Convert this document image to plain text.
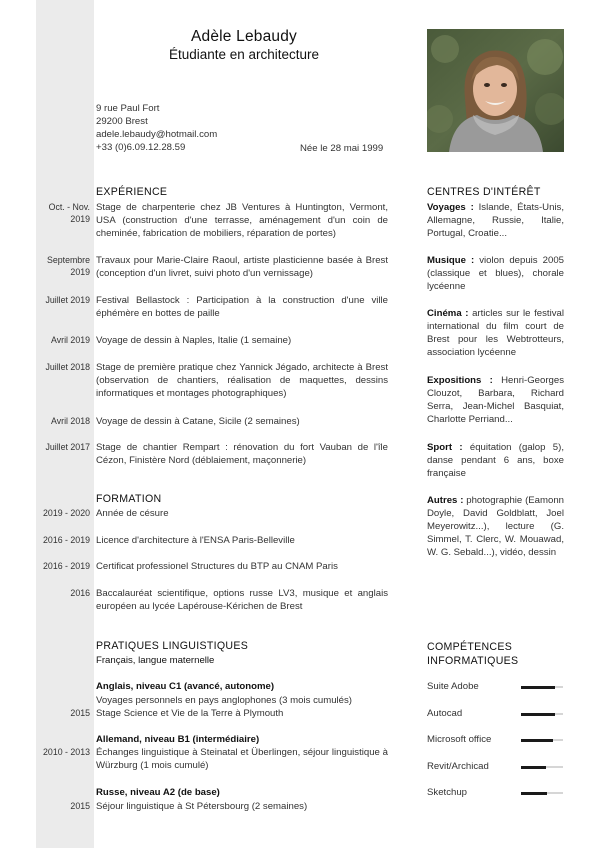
Adèle Lebaudy
Étudiante en architecture
9 rue Paul Fort
29200 Brest
adele.lebaudy@hotmail.com
+33 (0)6.09.12.28.59	Née le 28 mai 1999
EXPÉRIENCE
Oct. - Nov. 2019
Stage de charpenterie chez JB Ventures à Huntington, Vermont, USA (construction d'une terrasse, aménagement d'un coin de cheminée, fabrication de mobiliers, réparation de portes)
Septembre 2019
Travaux pour Marie-Claire Raoul, artiste plasticienne basée à Brest (conception d'un livret, suivi photo d'un vernissage)
Juillet 2019 Festival Bellastock : Participation à la construction d'une ville éphémère en bottes de paille
Avril 2019 Voyage de dessin à Naples, Italie (1 semaine)
Juillet 2018 Stage de première pratique chez Yannick Jégado, architecte à Brest (observation de chantiers, réalisation de maquettes, dessins informatiques et montages photographiques)
Avril 2018 Voyage de dessin à Catane, Sicile (2 semaines)
Juillet 2017 Stage de chantier Rempart : rénovation du fort Vauban de l'île Cézon, Finistère Nord (déblaiement, maçonnerie)
FORMATION
2019 - 2020 Année de césure
2016 - 2019 Licence d'architecture à l'ENSA Paris-Belleville
2016 - 2019 Certificat professionel Structures du BTP au CNAM Paris
2016 Baccalauréat scientifique, options russe LV3, musique et anglais européen au lycée Lapérouse-Kérichen de Brest
PRATIQUES LINGUISTIQUES
Français, langue maternelle
Anglais, niveau C1 (avancé, autonome)
Voyages personnels en pays anglophones (3 mois cumulés)
2015 Stage Science et Vie de la Terre à Plymouth
Allemand, niveau B1 (intermédiaire)
2010 - 2013 Échanges linguistique à Steinatal et Überlingen, séjour linguistique à Würzburg (1 mois cumulé)
Russe, niveau A2 (de base)
2015 Séjour linguistique à St Pétersbourg (2 semaines)
CENTRES D'INTÉRÊT
Voyages : Islande, États-Unis, Allemagne, Russie, Italie, Portugal, Croatie...
Musique : violon depuis 2005 (classique et blues), chorale lycéenne
Cinéma : articles sur le festival international du film court de Brest pour les Webtrotteurs, association lycéenne
Expositions : Henri-Georges Clouzot, Barbara, Richard Serra, Jean-Michel Basquiat, Charlotte Perriand...
Sport : équitation (galop 5), danse pendant 6 ans, boxe française
Autres : photographie (Eamonn Doyle, David Goldblatt, Joel Meyerowitz...), lecture (G. Simmel, T. Clerc, W. Mouawad, W. G. Sebald...), vidéo, dessin
COMPÉTENCES INFORMATIQUES
Suite Adobe
Autocad
Microsoft office
Revit/Archicad
Sketchup
